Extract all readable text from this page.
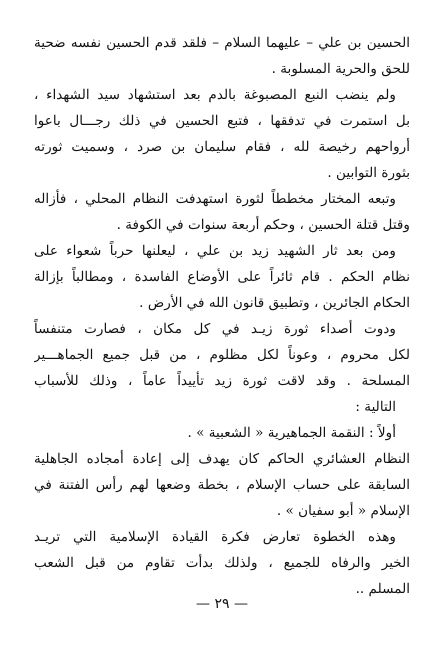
الحسين بن علي – عليهما السلام – فلقد قدم الحسين نفسه ضحية
للحق والحرية المسلوبة .
ولم ينضب النبع المصبوغة بالدم بعد استشهاد سيد الشهداء ،
بل استمرت في تدفقها ، فتبع الحسين في ذلك رجـــال باعوا
أرواحهم رخيصة لله ، فقام سليمان بن صرد ، وسميت ثورته
بثورة التوابين .
وتبعه المختار مخططاً لثورة استهدفت النظام المحلي ، فأزاله
وقتل قتلة الحسين ، وحكم أربعة سنوات في الكوفة .
ومن بعد ثار الشهيد زيد بن علي ، ليعلنها حرباً شعواء على
نظام الحكم . قام ثائراً على الأوضاع الفاسدة ، ومطالباً بإزالة
الحكام الجائرين ، وتطبيق قانون الله في الأرض .
ودوت أصداء ثورة زيـد في كل مكان ، فصارت متنفساً
لكل محروم ، وعوناً لكل مظلوم ، من قبل جميع الجماهـــير
المسلحة . وقد لاقت ثورة زيد تأييداً عاماً ، وذلك للأسباب
التالية :
أولاً : النقمة الجماهيرية « الشعبية » .
النظام العشائري الحاكم كان يهدف إلى إعادة أمجاده الجاهلية
السابقة على حساب الإسلام ، بخطة وضعها لهم رأس الفتنة في
الإسلام « أبو سفيان » .
وهذه الخطوة تعارض فكرة القيادة الإسلامية التي تريـد
الخير والرفاه للجميع ، ولذلك بدأت تقاوم من قبل الشعب
المسلم ..
— ٢٩ —
